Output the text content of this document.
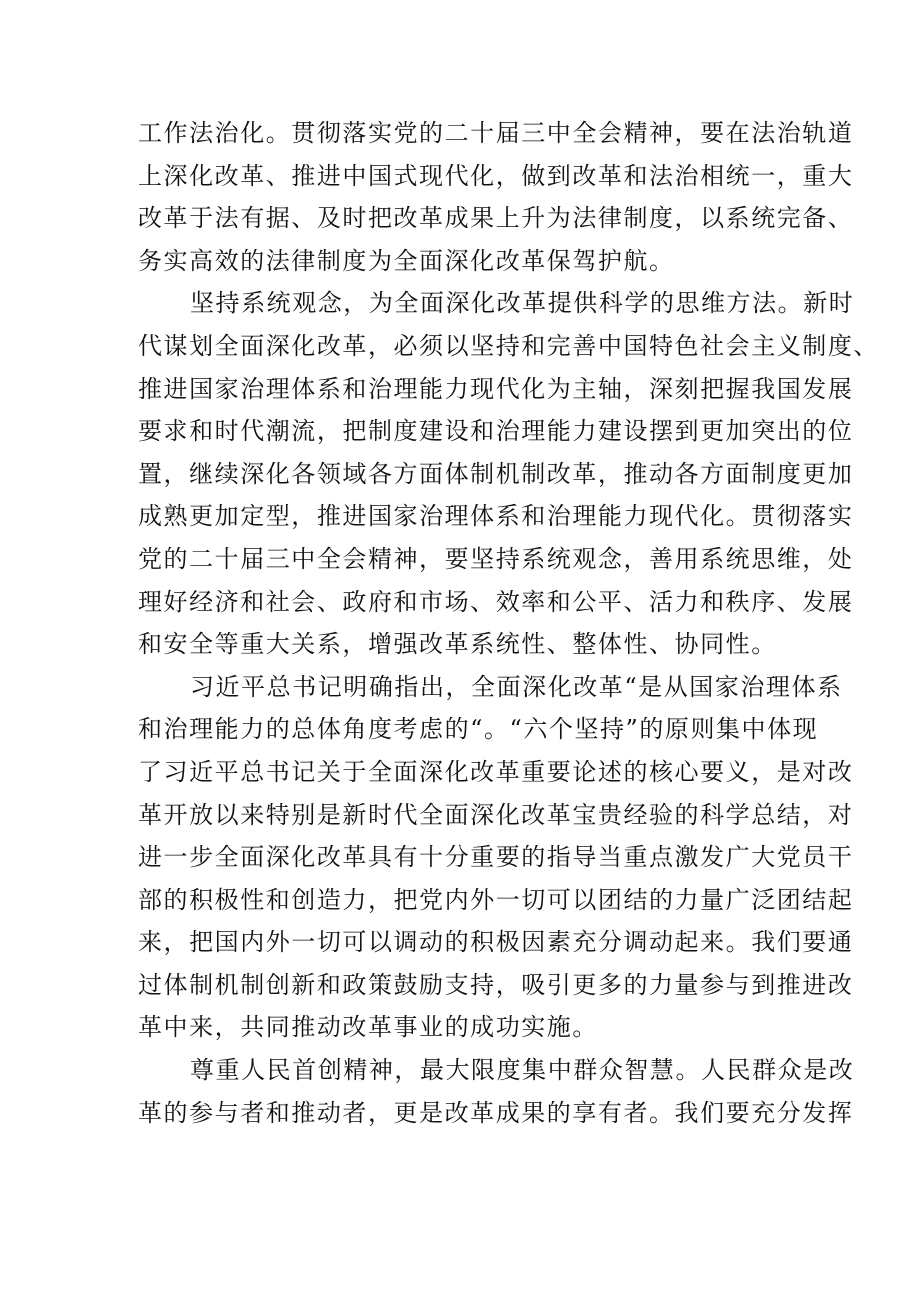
工作法治化。贯彻落实党的二十届三中全会精神，要在法治轨道
上深化改革、推进中国式现代化，做到改革和法治相统一，重大
改革于法有据、及时把改革成果上升为法律制度，以系统完备、
务实高效的法律制度为全面深化改革保驾护航。
坚持系统观念，为全面深化改革提供科学的思维方法。新时
代谋划全面深化改革，必须以坚持和完善中国特色社会主义制度、
推进国家治理体系和治理能力现代化为主轴，深刻把握我国发展
要求和时代潮流，把制度建设和治理能力建设摆到更加突出的位
置，继续深化各领域各方面体制机制改革，推动各方面制度更加
成熟更加定型，推进国家治理体系和治理能力现代化。贯彻落实
党的二十届三中全会精神，要坚持系统观念，善用系统思维，处
理好经济和社会、政府和市场、效率和公平、活力和秩序、发展
和安全等重大关系，增强改革系统性、整体性、协同性。
习近平总书记明确指出，全面深化改革“是从国家治理体系
和治理能力的总体角度考虑的“。“六个坚持”的原则集中体现
了习近平总书记关于全面深化改革重要论述的核心要义，是对改
革开放以来特别是新时代全面深化改革宝贵经验的科学总结，对
进一步全面深化改革具有十分重要的指导当重点激发广大党员干
部的积极性和创造力，把党内外一切可以团结的力量广泛团结起
来，把国内外一切可以调动的积极因素充分调动起来。我们要通
过体制机制创新和政策鼓励支持，吸引更多的力量参与到推进改
革中来，共同推动改革事业的成功实施。
尊重人民首创精神，最大限度集中群众智慧。人民群众是改
革的参与者和推动者，更是改革成果的享有者。我们要充分发挥
